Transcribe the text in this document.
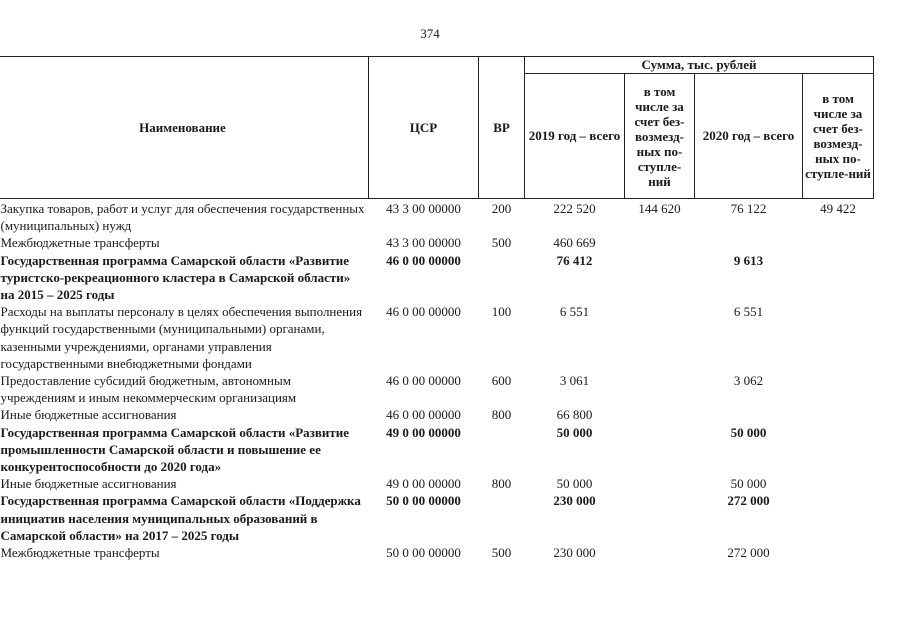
374
Наименование	ЦСР	ВР	Сумма, тыс. рублей			
			2019 год – всего	в том числе за счет без-возмезд-ных по-ступле-ний	2020 год – всего	в том числе за счет без-возмезд-ных по-ступле-ний
Закупка товаров, работ и услуг для обеспечения государственных (муниципальных) нужд	43 3 00 00000	200	222 520	144 620	76 122	49 422
Межбюджетные трансферты	43 3 00 00000	500	460 669			
Государственная программа Самарской области «Развитие туристско-рекреационного кластера в Самарской области» на 2015 – 2025 годы	46 0 00 00000		76 412		9 613	
Расходы на выплаты персоналу в целях обеспечения выполнения функций государственными (муниципальными) органами, казенными учреждениями, органами управления государственными внебюджетными фондами	46 0 00 00000	100	6 551		6 551	
Предоставление субсидий бюджетным, автономным учреждениям и иным некоммерческим организациям	46 0 00 00000	600	3 061		3 062	
Иные бюджетные ассигнования	46 0 00 00000	800	66 800			
Государственная программа Самарской области «Развитие промышленности Самарской области и повышение ее конкурентоспособности до 2020 года»	49 0 00 00000		50 000		50 000	
Иные бюджетные ассигнования	49 0 00 00000	800	50 000		50 000	
Государственная программа Самарской области «Поддержка инициатив населения муниципальных образований в Самарской области» на 2017 – 2025 годы	50 0 00 00000		230 000		272 000	
Межбюджетные трансферты	50 0 00 00000	500	230 000		272 000	
